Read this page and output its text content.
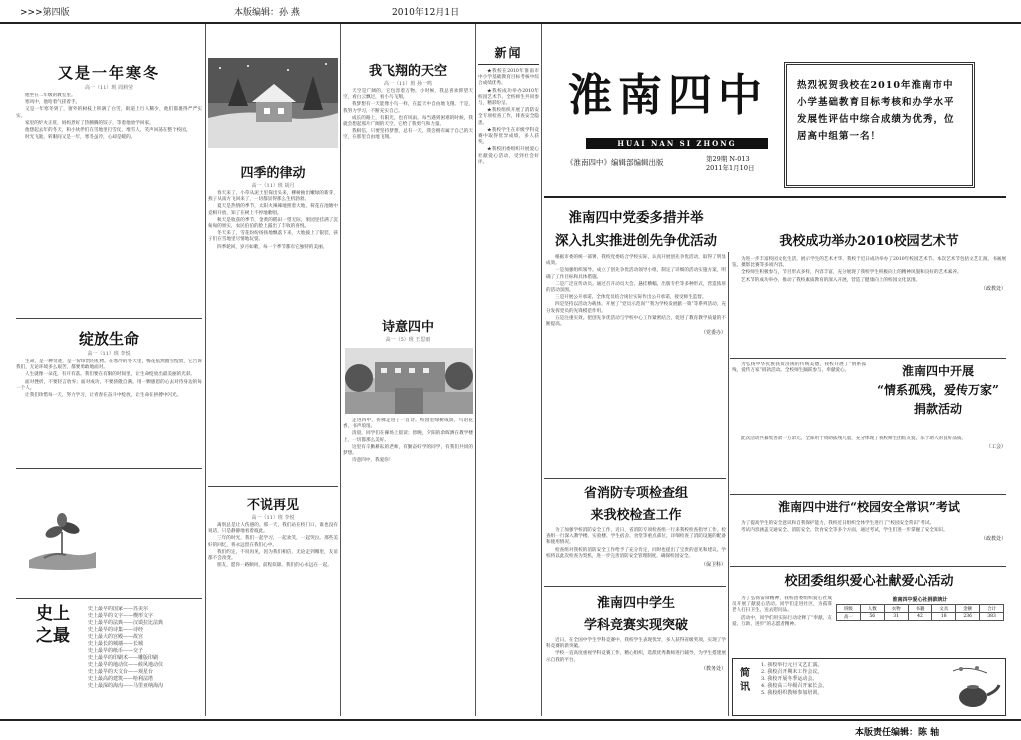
>>>第四版	本版编辑：孙 燕	2010年12月1日
又是一年寒冬
高一（11）班 周莉莹

他坐在二年级的教室里。

寒风中，他哈着气搓着手。

又是一年寒冬到了，窗外的树枝上积满了白雪，街道上行人稀少，他们都裹得严严实实。

家里的炉火正旺，妈妈煮好了热腾腾的饺子，等着他放学回家。

他想起去年的冬天，和小伙伴们在雪地里打雪仗、堆雪人，笑声回荡在整个校园。

时光飞逝，转眼间又是一年，寒冬虽冷，心却是暖的。

绽放生命
高一（11）班 李悦

生命，是一种奇迹，是一份珍贵的礼物。在寒冷的冬天里，梅花依然傲雪绽放，它告诉我们，无论环境多么艰苦，都要勇敢地面对。

人生就像一朵花，有开有落。我们要在有限的时间里，让生命绽放出最美丽的光彩。

面对挫折，不要轻言放弃；面对成功，不要骄傲自满。用一颗感恩的心去对待身边的每一个人。

让我们珍惜每一天，努力学习，让青春在奋斗中绽放，让生命在拼搏中闪光。

史上之最
史上最早的国家——苏美尔
史上最早的文字——楔形文字
史上最早的法典——汉谟拉比法典
史上最早的诗集——诗经
史上最大的宫殿——故宫
史上最长的城墙——长城
史上最早的纸币——交子
史上最早的印刷术——雕版印刷
史上最早的地动仪——候风地动仪
史上最早的天文台——观星台
史上最高的建筑——哈利法塔
史上最深的海沟——马里亚纳海沟
四季的律动
高一（11）班 胡月

春天来了，小草从泥土里探出头来，柳树抽出嫩绿的新芽，燕子从南方飞回来了，一切都显得那么生机勃勃。

夏天是热情的季节，太阳火辣辣地照着大地，荷花在池塘中竞相开放，知了在树上不停地歌唱。

秋天是收获的季节，金黄的稻田一望无际，果园里挂满了沉甸甸的果实，农民伯伯的脸上露出了丰收的喜悦。

冬天来了，雪花纷纷扬扬地飘落下来，大地披上了银装，孩子们在雪地里尽情地玩耍。

四季轮回，岁月如歌，每一个季节都有它独特的美丽。

不说再见
高一（11）班 李悦

离别总是让人伤感的。那一天，我们站在校门口，谁也没有说话，只是静静地看着彼此。

三年的时光，我们一起学习，一起欢笑，一起哭泣。那些美好的回忆，将永远留在我们心中。

我们约定，不说再见，因为我们相信，无论走到哪里，友谊都不会改变。

朋友，愿你一路顺风，前程似锦。我们的心永远在一起。

我飞翔的天空
高一（11）班 孙一鸣

天空是广阔的，它包容着万物。小时候，我总喜欢仰望天空，看白云飘过，看小鸟飞翔。

我梦想有一天能像小鸟一样，在蓝天中自由地飞翔。于是，我努力学习，不断充实自己。

成长的路上，有阳光，也有风雨。每当遇到困难的时候，我就会想起那片广阔的天空，它给了我勇气和力量。

我相信，只要坚持梦想，总有一天，我会拥有属于自己的天空，在那里自由地飞翔。

诗意四中
高一（5）班 王思雨

走进四中，仿佛走进了一首诗。校园里绿树成荫，鸟语花香，书声琅琅。

清晨，同学们在操场上晨读；傍晚，夕阳的余晖洒在教学楼上，一切都那么美好。

这里有辛勤耕耘的老师，有勤奋好学的同学，有我们共同的梦想。

诗意四中，我爱你！

新闻

★我校在2010年淮南市中小学基础教育目标考核中综合成绩优秀。

★我校成功举办2010年校园艺术节，全校师生共同参与，精彩纷呈。

★我校组织开展了消防安全专项检查工作，排查安全隐患。

★我校学生在市级学科竞赛中取得优异成绩，多人获奖。

★我校团委组织开展爱心社献爱心活动，受到社会好评。

淮南四中
HUAI NAN SI ZHONG
《淮南四中》编辑部编辑出版	第29期 N-013
2011年1月10日
热烈祝贺我校在2010年淮南市中小学基础教育目标考核和办学水平发展性评估中综合成绩为优秀，位居高中组第一名！
淮南四中党委多措并举
深入扎实推进创先争优活动

根据市委的统一部署，我校党委结合学校实际，认真开展创先争优活动，取得了明显成效。

一是加强组织领导。成立了创先争优活动领导小组，制定了详细的活动实施方案，明确了工作目标和具体措施。

二是广泛宣传动员。通过召开动员大会、悬挂横幅、出版专栏等多种形式，营造浓厚的活动氛围。

三是开展公开承诺。全体党员结合岗位实际作出公开承诺，接受师生监督。

四是坚持以活动为载体。开展了“党员示范岗”“我为学校发展献一策”等系列活动，充分发挥党员的先锋模范作用。

五是注重实效。把创先争优活动与学校中心工作紧密结合，促进了教育教学质量的不断提高。

（党委办）
省消防专项检查组
来我校检查工作

为了加强学校消防安全工作，近日，省消防专项检查组一行来我校检查指导工作。检查组一行深入教学楼、实验楼、学生宿舍、食堂等重点部位，详细检查了消防设施的配备和使用情况。

检查组对我校的消防安全工作给予了充分肯定，同时也提出了宝贵的意见和建议。学校将以此次检查为契机，进一步完善消防安全管理制度，确保校园安全。

（保卫科）
淮南四中学生
学科竞赛实现突破

近日，在全国中学生学科竞赛中，我校学生表现优异，多人获得省级奖项，实现了学科竞赛的新突破。

学校一直高度重视学科竞赛工作，精心组织，选派优秀教师进行辅导，为学生搭建展示自我的平台。

（教务处）
我校成功举办2010校园艺术节

为进一步丰富校园文化生活，展示学生的艺术才华，我校于近日成功举办了2010年校园艺术节。本次艺术节包括文艺汇演、书画展览、摄影比赛等多项内容。

全校师生积极参与，节目形式多样，内容丰富，充分展现了我校学生积极向上的精神风貌和良好的艺术素养。

艺术节的成功举办，推动了我校素质教育的深入开展，营造了健康向上的校园文化氛围。

（政教处）
淮南四中开展
“情系孤残，爱传万家”
捐款活动

为弘扬中华民族扶贫济困的传统美德，我校开展了“情系孤残，爱传万家”捐款活动。全校师生踊跃参与，奉献爱心。

此次活动共募集善款一万余元，全部用于资助孤残儿童，充分体现了我校师生团结友爱、乐于助人的良好品质。

（工会）
淮南四中进行“校园安全常识”考试

为了提高学生的安全意识和自我保护能力，我校近日组织全体学生进行了“校园安全常识”考试。

考试内容涵盖交通安全、消防安全、饮食安全等多个方面，通过考试，学生们进一步掌握了安全知识。

（政教处）
校团委组织爱心社献爱心活动

为了弘扬雷锋精神，我校团委组织爱心社成员开展了献爱心活动。同学们走进社区，为孤寡老人打扫卫生、送去慰问品。

活动中，同学们用实际行动诠释了“奉献、友爱、互助、进步”的志愿者精神。

淮南四中爱心社捐款统计
班级	人数	衣物	书籍	文具	金额	合计
高一	56	31	42	18	236	383
简讯
1. 我校举行元旦文艺汇演。
2. 我校召开期末工作会议。
3. 我校开展冬季运动会。
4. 我校高三年级召开家长会。
5. 我校组织教师参加培训。
本版责任编辑：陈 轴
